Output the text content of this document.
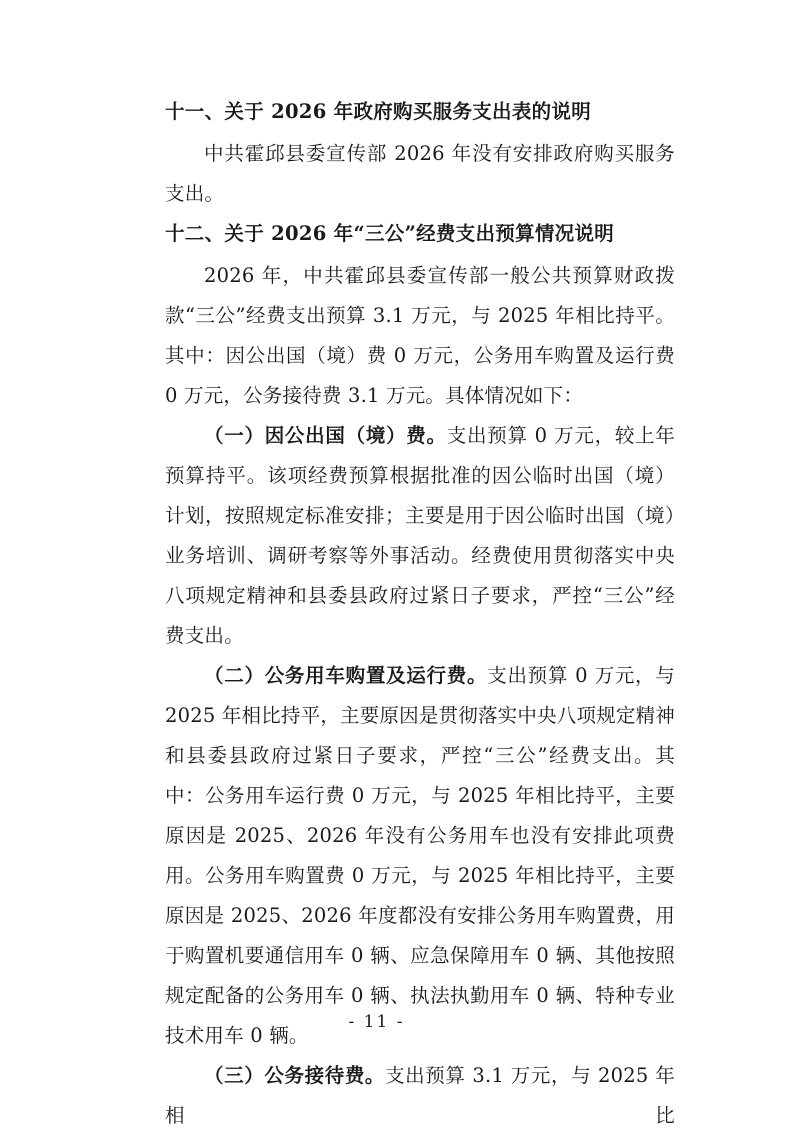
十一、关于 2026 年政府购买服务支出表的说明

中共霍邱县委宣传部 2026 年没有安排政府购买服务支出。

十二、关于 2026 年“三公”经费支出预算情况说明

2026 年，中共霍邱县委宣传部一般公共预算财政拨款“三公”经费支出预算 3.1 万元，与 2025 年相比持平。其中：因公出国（境）费 0 万元，公务用车购置及运行费 0 万元，公务接待费 3.1 万元。具体情况如下：

（一）因公出国（境）费。支出预算 0 万元，较上年预算持平。该项经费预算根据批准的因公临时出国（境）计划，按照规定标准安排；主要是用于因公临时出国（境）业务培训、调研考察等外事活动。经费使用贯彻落实中央八项规定精神和县委县政府过紧日子要求，严控“三公”经费支出。

（二）公务用车购置及运行费。支出预算 0 万元，与 2025 年相比持平，主要原因是贯彻落实中央八项规定精神和县委县政府过紧日子要求，严控“三公”经费支出。其中：公务用车运行费 0 万元，与 2025 年相比持平，主要原因是 2025、2026 年没有公务用车也没有安排此项费用。公务用车购置费 0 万元，与 2025 年相比持平，主要原因是 2025、2026 年度都没有安排公务用车购置费，用于购置机要通信用车 0 辆、应急保障用车 0 辆、其他按照规定配备的公务用车 0 辆、执法执勤用车 0 辆、特种专业技术用车 0 辆。

（三）公务接待费。支出预算 3.1 万元，与 2025 年相比

- 11 -
